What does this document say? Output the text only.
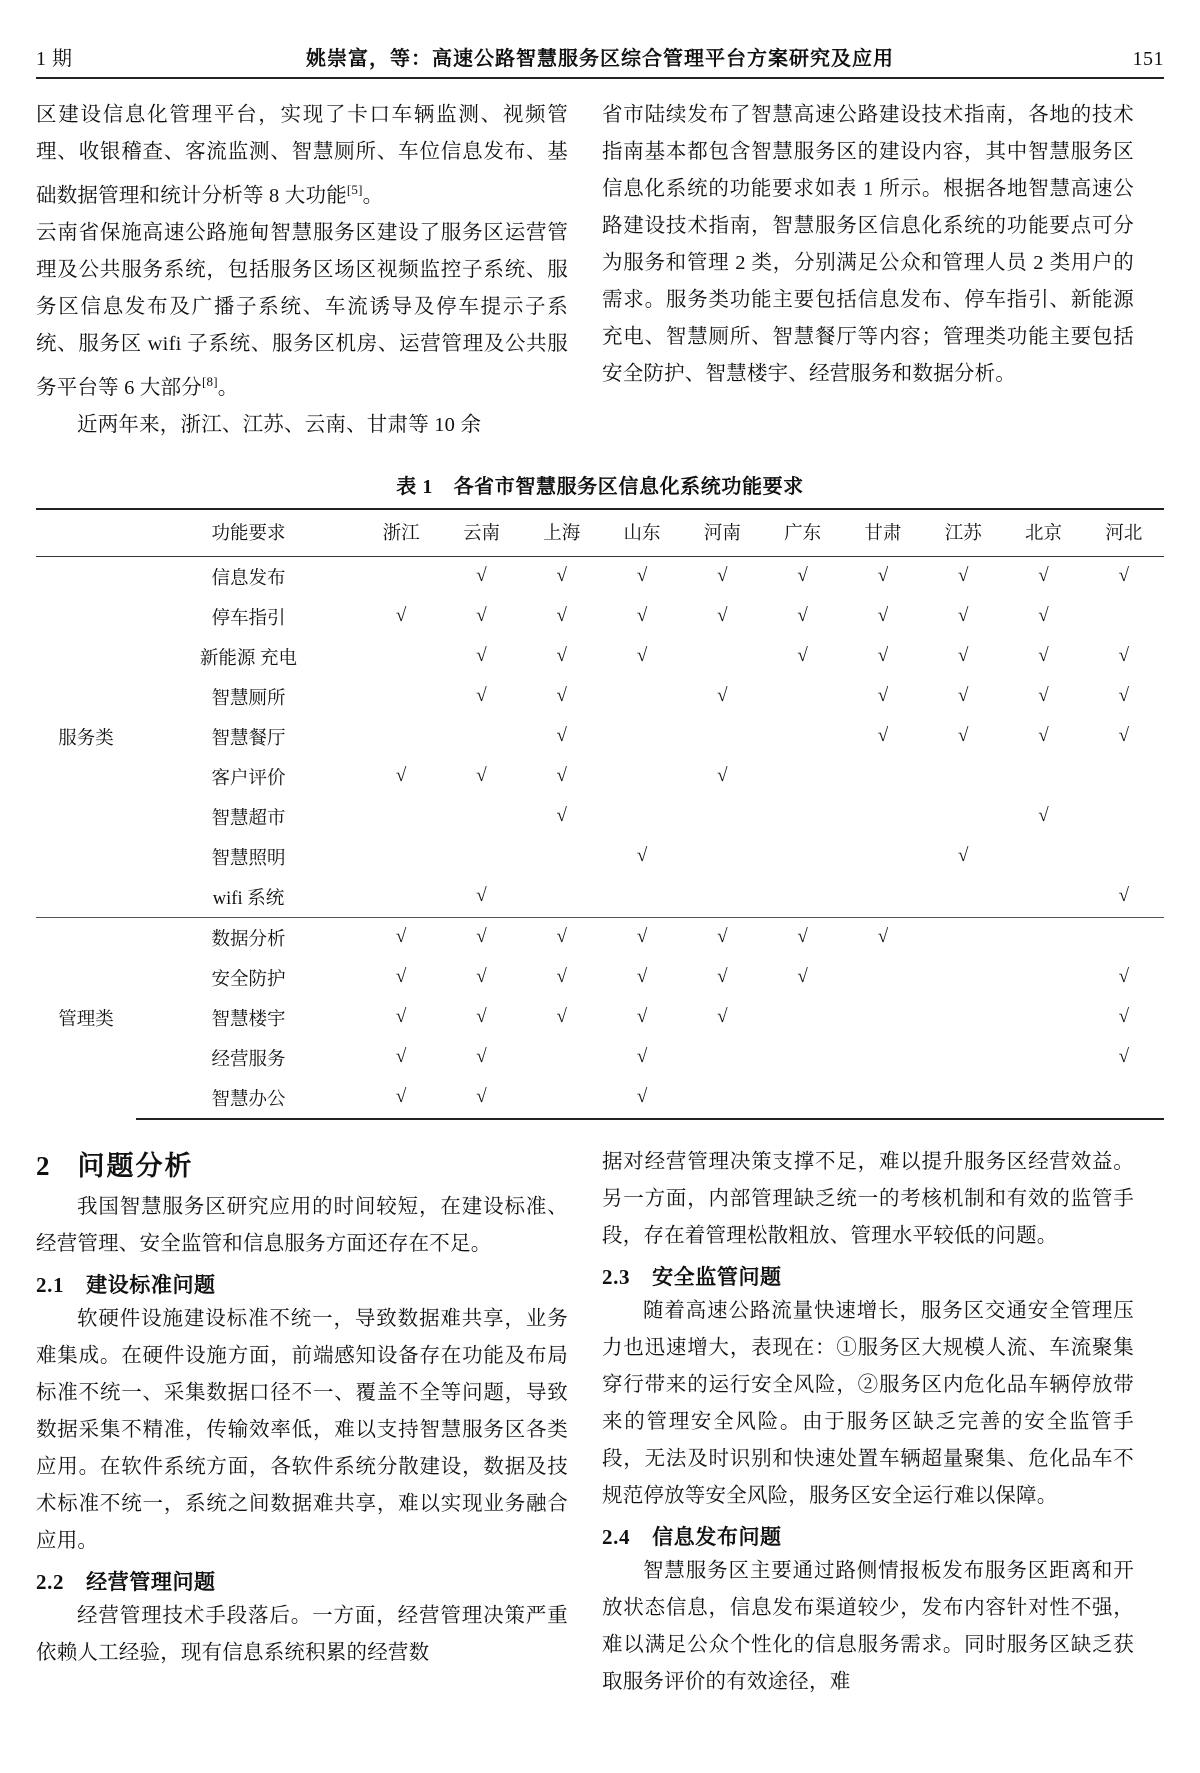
1 期	姚崇富，等：高速公路智慧服务区综合管理平台方案研究及应用	151

区建设信息化管理平台，实现了卡口车辆监测、视频管理、收银稽查、客流监测、智慧厕所、车位信息发布、基础数据管理和统计分析等 8 大功能[5]。

云南省保施高速公路施甸智慧服务区建设了服务区运营管理及公共服务系统，包括服务区场区视频监控子系统、服务区信息发布及广播子系统、车流诱导及停车提示子系统、服务区 wifi 子系统、服务区机房、运营管理及公共服务平台等 6 大部分[8]。

近两年来，浙江、江苏、云南、甘肃等 10 余

省市陆续发布了智慧高速公路建设技术指南，各地的技术指南基本都包含智慧服务区的建设内容，其中智慧服务区信息化系统的功能要求如表 1 所示。根据各地智慧高速公路建设技术指南，智慧服务区信息化系统的功能要点可分为服务和管理 2 类，分别满足公众和管理人员 2 类用户的需求。服务类功能主要包括信息发布、停车指引、新能源充电、智慧厕所、智慧餐厅等内容；管理类功能主要包括安全防护、智慧楼宇、经营服务和数据分析。

表 1　各省市智慧服务区信息化系统功能要求
	功能要求	浙江	云南	上海	山东	河南	广东	甘肃	江苏	北京	河北
服务类	信息发布		√	√	√	√	√	√	√	√	√
	停车指引	√	√	√	√	√	√	√	√	√	
	新能源 充电		√	√	√		√	√	√	√	√
	智慧厕所		√	√		√		√	√	√	√
	智慧餐厅			√				√	√	√	√
	客户评价	√	√	√		√					
	智慧超市			√						√	
	智慧照明				√				√		
	wifi 系统		√								√
管理类	数据分析	√	√	√	√	√	√	√			
	安全防护	√	√	√	√	√	√				√
	智慧楼宇	√	√	√	√	√					√
	经营服务	√	√		√						√
	智慧办公	√	√		√						
2 问题分析

我国智慧服务区研究应用的时间较短，在建设标准、经营管理、安全监管和信息服务方面还存在不足。

2.1 建设标准问题

软硬件设施建设标准不统一，导致数据难共享，业务难集成。在硬件设施方面，前端感知设备存在功能及布局标准不统一、采集数据口径不一、覆盖不全等问题，导致数据采集不精准，传输效率低，难以支持智慧服务区各类应用。在软件系统方面，各软件系统分散建设，数据及技术标准不统一，系统之间数据难共享，难以实现业务融合应用。

2.2 经营管理问题

经营管理技术手段落后。一方面，经营管理决策严重依赖人工经验，现有信息系统积累的经营数

据对经营管理决策支撑不足，难以提升服务区经营效益。另一方面，内部管理缺乏统一的考核机制和有效的监管手段，存在着管理松散粗放、管理水平较低的问题。

2.3 安全监管问题

随着高速公路流量快速增长，服务区交通安全管理压力也迅速增大，表现在：①服务区大规模人流、车流聚集穿行带来的运行安全风险，②服务区内危化品车辆停放带来的管理安全风险。由于服务区缺乏完善的安全监管手段，无法及时识别和快速处置车辆超量聚集、危化品车不规范停放等安全风险，服务区安全运行难以保障。

2.4 信息发布问题

智慧服务区主要通过路侧情报板发布服务区距离和开放状态信息，信息发布渠道较少，发布内容针对性不强，难以满足公众个性化的信息服务需求。同时服务区缺乏获取服务评价的有效途径，难
